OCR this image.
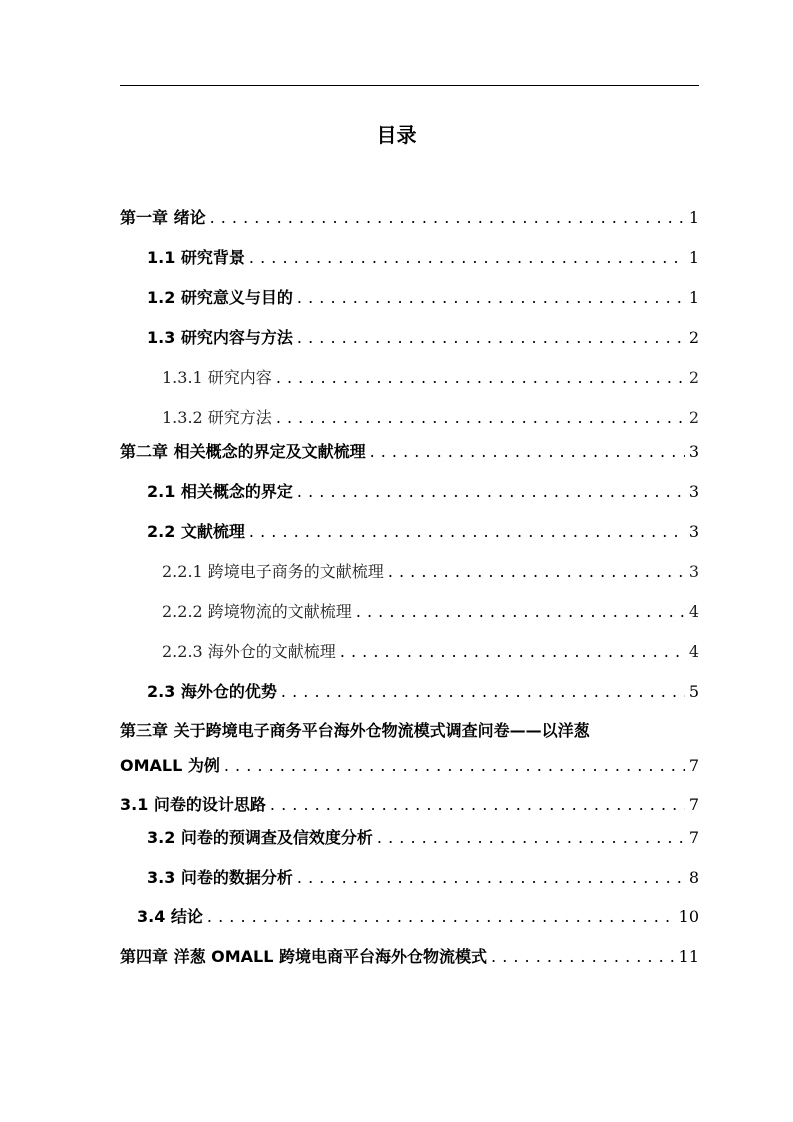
目录
第一章 绪论 . . .	1
1.1 研究背景 . . .	1
1.2 研究意义与目的 . . .	1
1.3 研究内容与方法 . . .	2
1.3.1 研究内容 . . .	2
1.3.2 研究方法 . . .	2
第二章 相关概念的界定及文献梳理 . . .	3
2.1 相关概念的界定 . . .	3
2.2 文献梳理 . . .	3
2.2.1 跨境电子商务的文献梳理 . . .	3
2.2.2 跨境物流的文献梳理 . . .	4
2.2.3 海外仓的文献梳理 . . .	4
2.3 海外仓的优势 . . .	5
第三章 关于跨境电子商务平台海外仓物流模式调查问卷——以洋葱
OMALL 为例 . . .	7
3.1 问卷的设计思路 . . .	7
3.2 问卷的预调查及信效度分析 . . .	7
3.3 问卷的数据分析 . . .	8
3.4 结论 . . .	10
第四章 洋葱 OMALL 跨境电商平台海外仓物流模式 . . .	11
